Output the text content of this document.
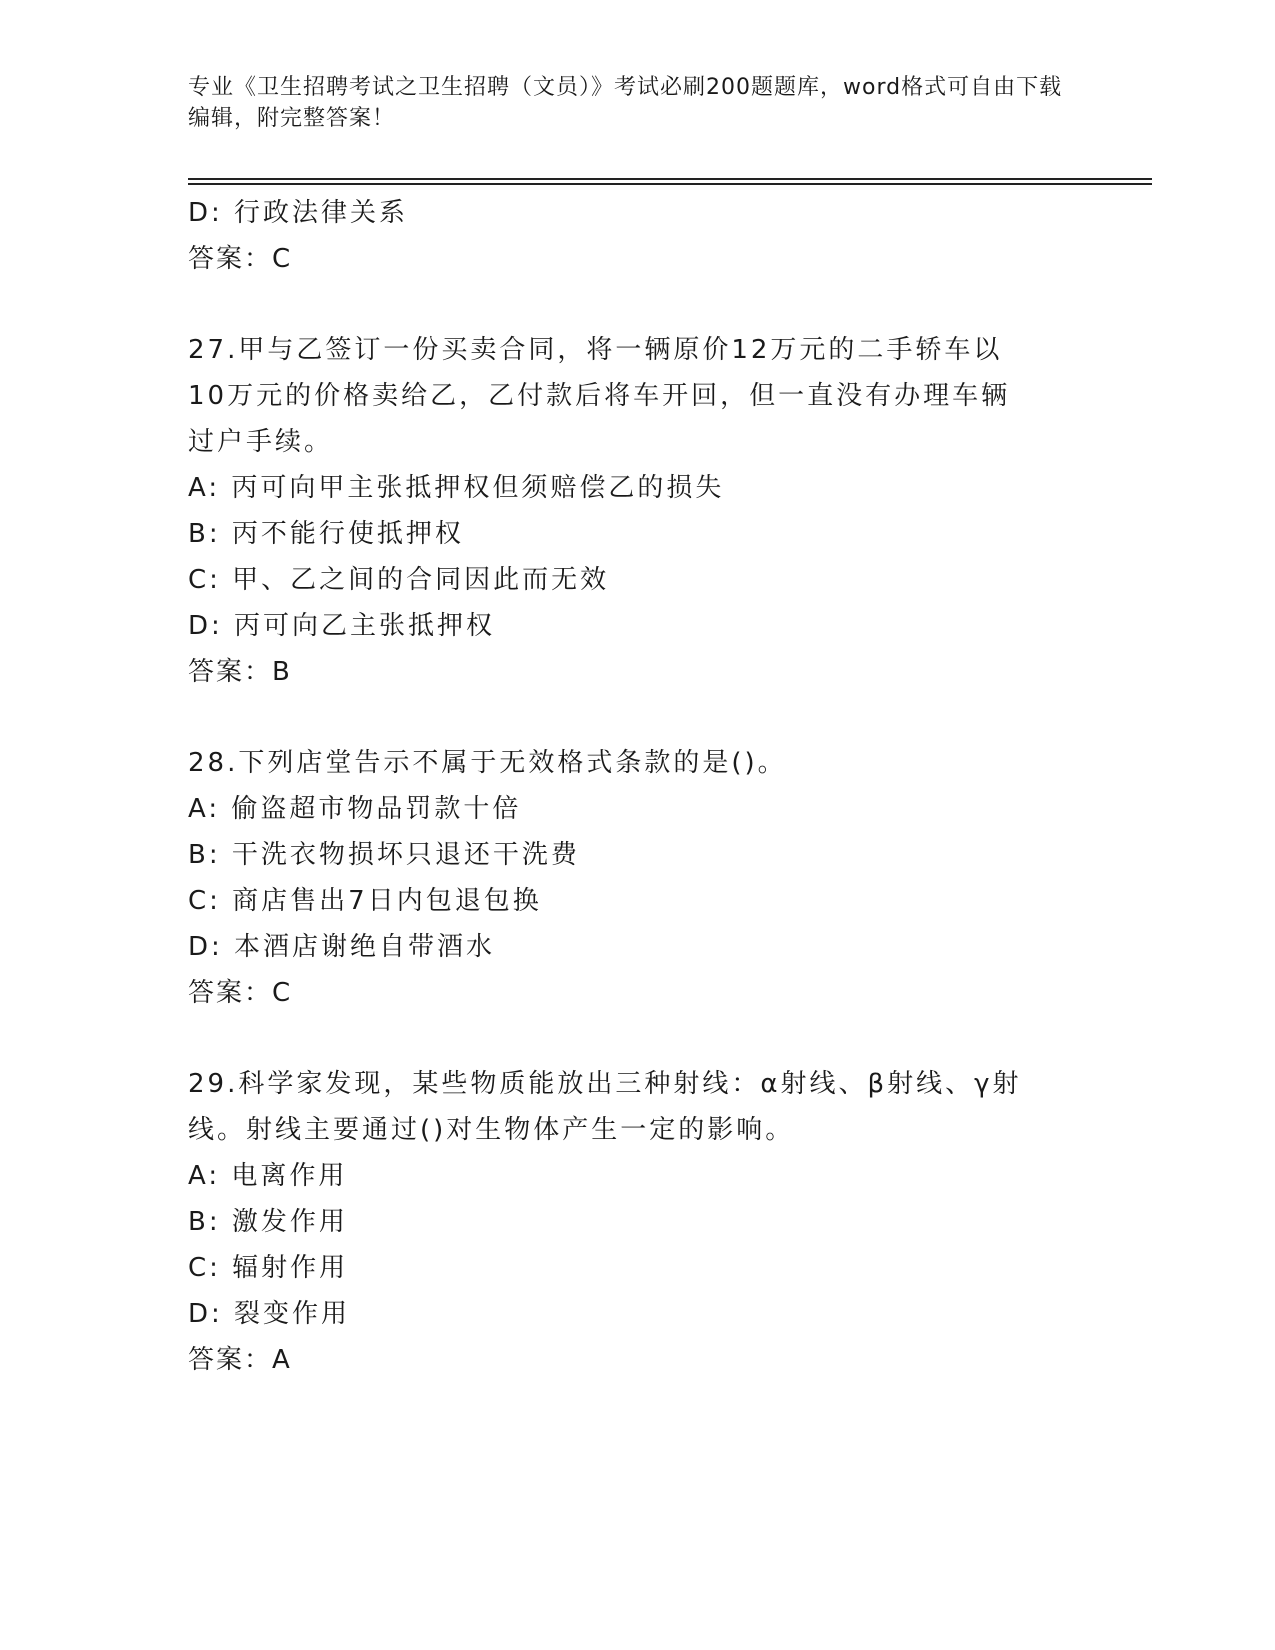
专业《卫生招聘考试之卫生招聘（文员）》考试必刷200题题库，word格式可自由下载编辑，附完整答案！
D: 行政法律关系
答案：C
27.甲与乙签订一份买卖合同，将一辆原价12万元的二手轿车以10万元的价格卖给乙，乙付款后将车开回，但一直没有办理车辆过户手续。
A: 丙可向甲主张抵押权但须赔偿乙的损失
B: 丙不能行使抵押权
C: 甲、乙之间的合同因此而无效
D: 丙可向乙主张抵押权
答案：B
28.下列店堂告示不属于无效格式条款的是()。
A: 偷盗超市物品罚款十倍
B: 干洗衣物损坏只退还干洗费
C: 商店售出7日内包退包换
D: 本酒店谢绝自带酒水
答案：C
29.科学家发现，某些物质能放出三种射线：α射线、β射线、γ射线。射线主要通过()对生物体产生一定的影响。
A: 电离作用
B: 激发作用
C: 辐射作用
D: 裂变作用
答案：A
